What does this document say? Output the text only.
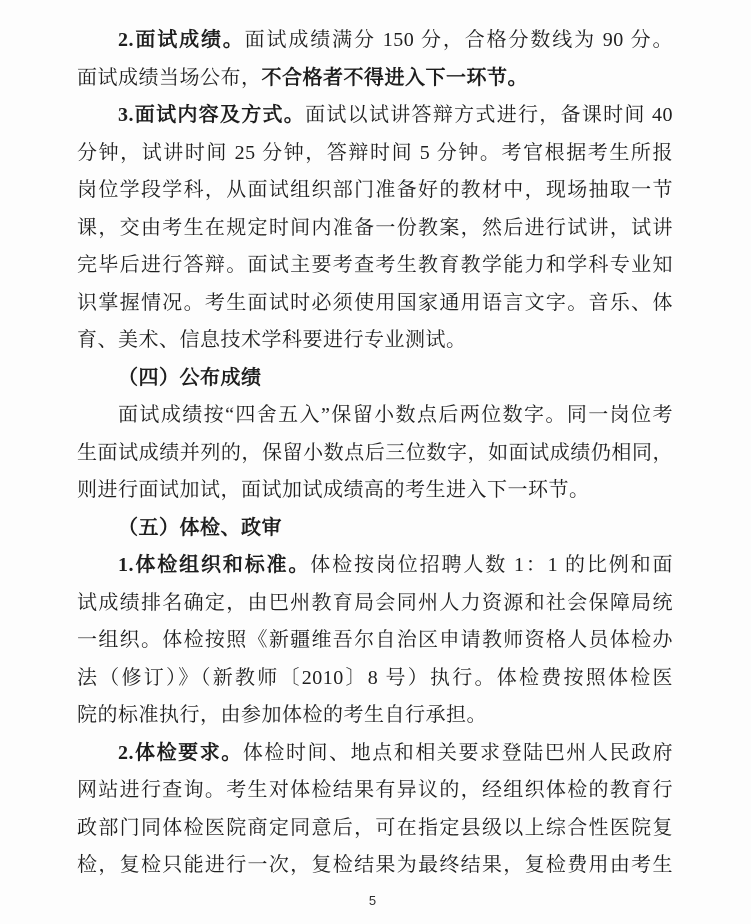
2.面试成绩。面试成绩满分 150 分，合格分数线为 90 分。
面试成绩当场公布，不合格者不得进入下一环节。
3.面试内容及方式。面试以试讲答辩方式进行，备课时间 40
分钟，试讲时间 25 分钟，答辩时间 5 分钟。考官根据考生所报
岗位学段学科，从面试组织部门准备好的教材中，现场抽取一节
课，交由考生在规定时间内准备一份教案，然后进行试讲，试讲
完毕后进行答辩。面试主要考查考生教育教学能力和学科专业知
识掌握情况。考生面试时必须使用国家通用语言文字。音乐、体
育、美术、信息技术学科要进行专业测试。
（四）公布成绩
面试成绩按“四舍五入”保留小数点后两位数字。同一岗位考
生面试成绩并列的，保留小数点后三位数字，如面试成绩仍相同，
则进行面试加试，面试加试成绩高的考生进入下一环节。
（五）体检、政审
1.体检组织和标准。体检按岗位招聘人数 1：1 的比例和面
试成绩排名确定，由巴州教育局会同州人力资源和社会保障局统
一组织。体检按照《新疆维吾尔自治区申请教师资格人员体检办
法（修订）》（新教师〔2010〕8 号）执行。体检费按照体检医
院的标准执行，由参加体检的考生自行承担。
2.体检要求。体检时间、地点和相关要求登陆巴州人民政府
网站进行查询。考生对体检结果有异议的，经组织体检的教育行
政部门同体检医院商定同意后，可在指定县级以上综合性医院复
检，复检只能进行一次，复检结果为最终结果，复检费用由考生
5
